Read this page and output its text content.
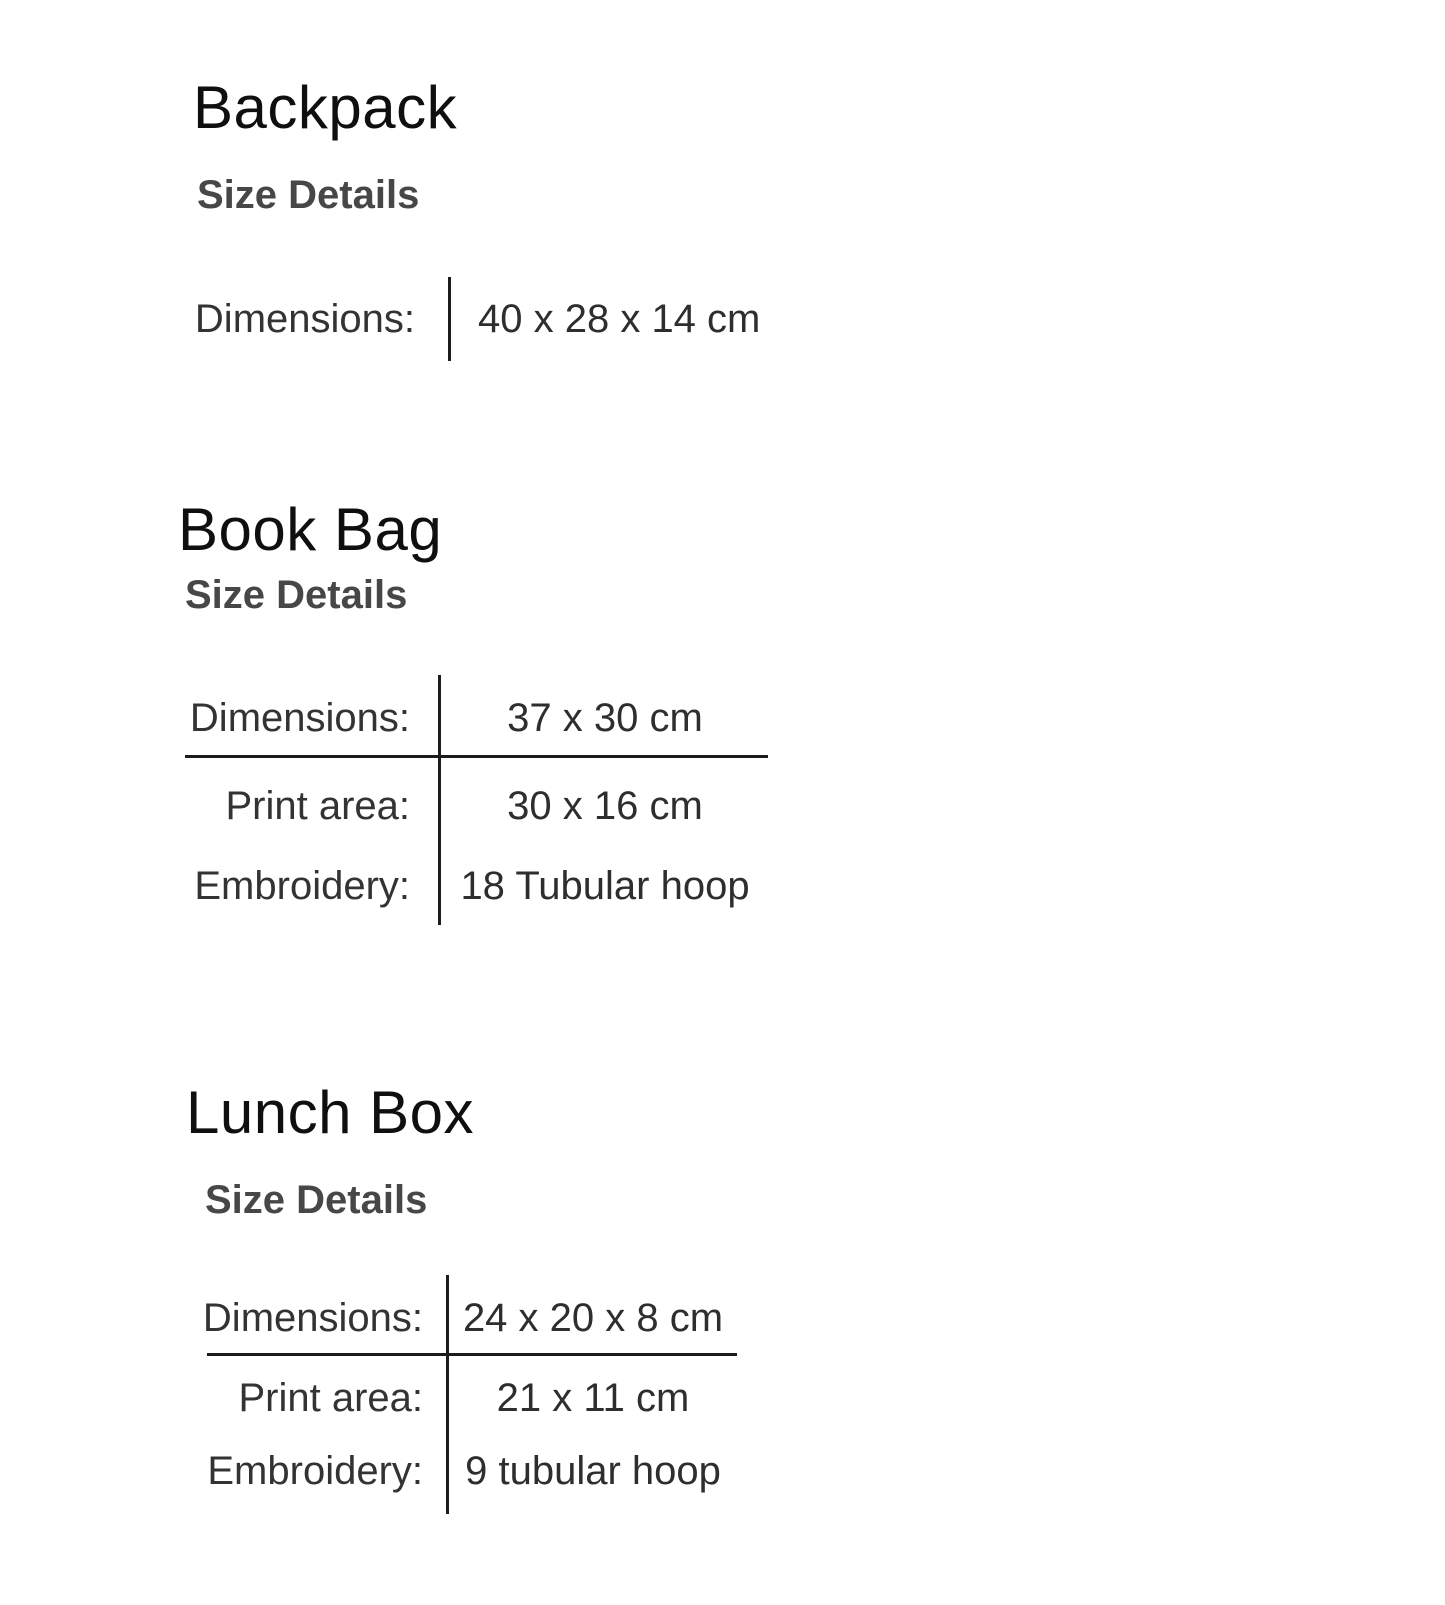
Backpack
Size Details
Dimensions: 40 x 28 x 14 cm
Book Bag
Size Details
Dimensions:	37 x 30 cm
Print area:	30 x 16 cm
Embroidery:	18 Tubular hoop
Lunch Box
Size Details
Dimensions: 24 x 20 x 8 cm
Print area:	21 x 11 cm
Embroidery:	9 tubular hoop
